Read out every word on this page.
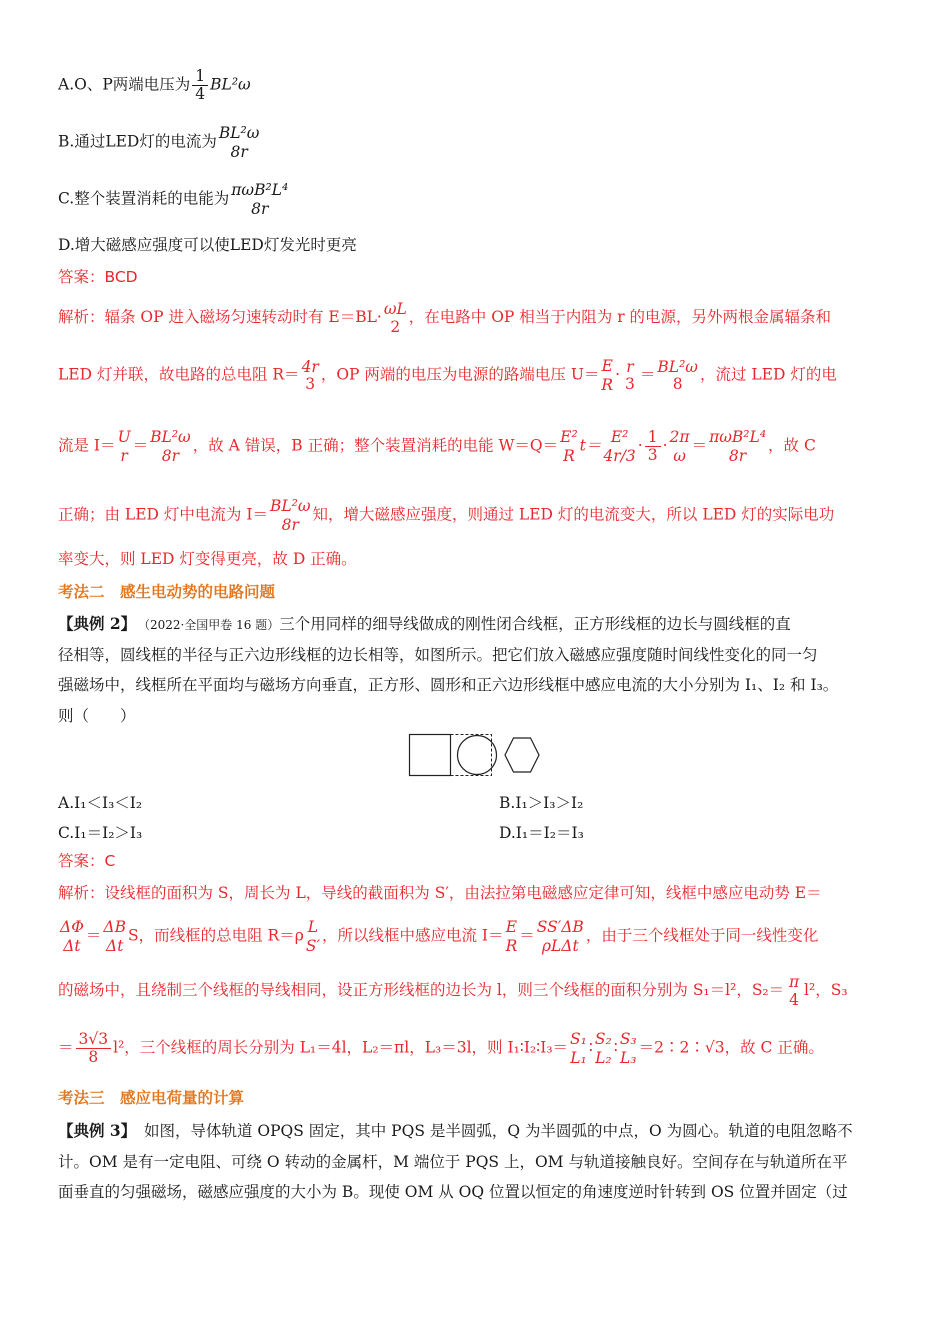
A.O、P两端电压为 $\frac{1}{4} BL^2\omega$
B.通过LED灯的电流为 BL²ω
8r
C.整个装置消耗的电能为 πωB²L⁴
8r
D.增大磁感应强度可以使LED灯发光时更亮
答案：BCD
解析：辐条 OP 进入磁场匀速转动时有 E＝BL· ωL
2
，在电路中 OP 相当于内阻为 r 的电源，另外两根金属辐条和
LED 灯并联，故电路的总电阻 R＝ 4r
3
，OP 两端的电压为电源的路端电压 U＝ E
R
· r
3
＝ BL²ω
8
，流过 LED 灯的电
流是 I＝ U
r
＝ BL²ω
8r
，故 A 错误，B 正确；整个装置消耗的电能 W＝Q＝ E²
R
t＝ E²
4r/3
· $\frac{1}{3} \cdot 2\pi$
ω
＝ πωB²L⁴
8r
，故 C
正确；由 LED 灯中电流为 I＝ BL²ω
8r
知，增大磁感应强度，则通过 LED 灯的电流变大，所以 LED 灯的实际电功
率变大，则 LED 灯变得更亮，故 D 正确。
考法二　感生电动势的电路问题
【典例 2】　 （2022·全国甲卷 16 题）三个用同样的细导线做成的刚性闭合线框，正方形线框的边长与圆线框的直
径相等，圆线框的半径与正六边形线框的边长相等，如图所示。把它们放入磁感应强度随时间线性变化的同一匀
强磁场中，线框所在平面均与磁场方向垂直，正方形、圆形和正六边形线框中感应电流的大小分别为 I₁、I₂ 和 I₃。
则（　　）
A.I₁＜I₃＜I₂	B.I₁＞I₃＞I₂
C.I₁＝I₂＞I₃	D.I₁＝I₂＝I₃
答案：C
解析：设线框的面积为 S，周长为 L，导线的截面积为 S′，由法拉第电磁感应定律可知，线框中感应电动势 E＝
ΔΦ
Δt
＝ ΔB
Δt
S，而线框的总电阻 R＝ρ L
S′
，所以线框中感应电流 I＝ E
R
＝ SS′ΔB
ρLΔt
，由于三个线框处于同一线性变化
的磁场中，且绕制三个线框的导线相同，设正方形线框的边长为 l，则三个线框的面积分别为 S₁＝l²，S₂＝ π
4
l²，S₃
＝ $\frac{3√3}{8} l^2$，三个线框的周长分别为 L₁＝4l，L₂＝πl，L₃＝3l，则 I₁∶I₂∶I₃＝ S₁
L₁
∶ S₂
L₂
∶ S₃
L₃
＝2∶2∶√3，故 C 正确。
考法三　感应电荷量的计算
【典例 3】　如图，导体轨道 OPQS 固定，其中 PQS 是半圆弧，Q 为半圆弧的中点，O 为圆心。轨道的电阻忽略不
计。OM 是有一定电阻、可绕 O 转动的金属杆，M 端位于 PQS 上，OM 与轨道接触良好。空间存在与轨道所在平
面垂直的匀强磁场，磁感应强度的大小为 B。现使 OM 从 OQ 位置以恒定的角速度逆时针转到 OS 位置并固定（过
